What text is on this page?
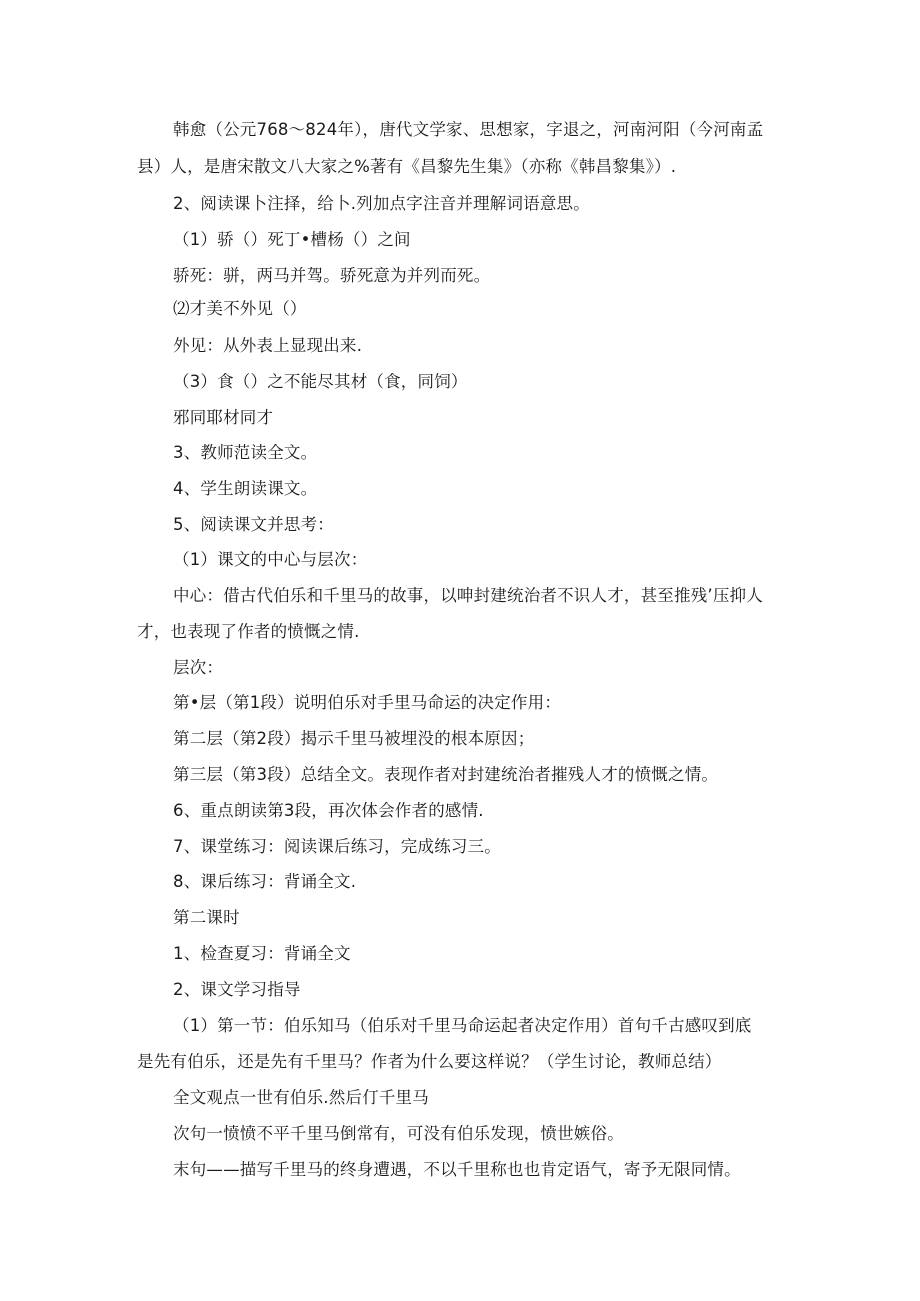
韩愈（公元768〜824年），唐代文学家、思想家，字退之，河南河阳（今河南孟
县）人，是唐宋散文八大家之%著有《昌黎先生集》（亦称《韩昌黎集》）.
2、阅读课卜注择，给卜.列加点字注音并理解词语意思。
（1）骄（）死丁•槽杨（）之间
骄死：骈，两马并驾。骄死意为并列而死。
⑵才美不外见（）
外见：从外表上显现出来.
（3）食（）之不能尽其材（食，同饲）
邪同耶材同才
3、教师范读全文。
4、学生朗读课文。
5、阅读课文并思考：
（1）课文的中心与层次：
中心：借古代伯乐和千里马的故事，以呻封建统治者不识人才，甚至推残’压抑人
才，也表现了作者的愤慨之情.
层次：
第•层（第1段）说明伯乐对手里马命运的决定作用：
第二层（第2段）揭示千里马被埋没的根本原因；
第三层（第3段）总结全文。表现作者对封建统治者摧残人才的愤慨之情。
6、重点朗读第3段，再次体会作者的感情.
7、课堂练习：阅读课后练习，完成练习三。
8、课后练习：背诵全文.
第二课时
1、检查夏习：背诵全文
2、课文学习指导
（1）第一节：伯乐知马（伯乐对千里马命运起者决定作用）首句千古感叹到底
是先有伯乐，还是先有千里马？作者为什么要这样说？（学生讨论，教师总结）
全文观点一世有伯乐.然后仃千里马
次句一愤愤不平千里马倒常有，可没有伯乐发现，愤世嫉俗。
末句——描写千里马的终身遭遇，不以千里称也也肯定语气，寄予无限同情。
